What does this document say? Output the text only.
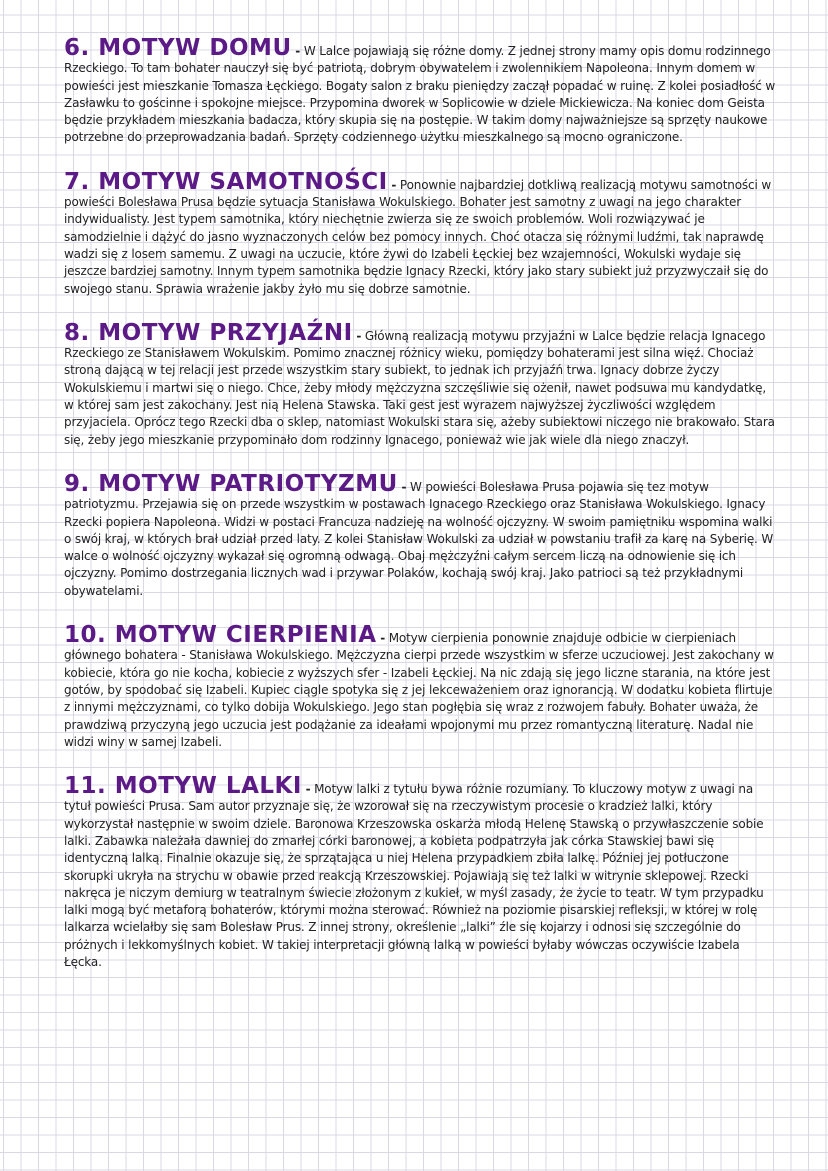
6. MOTYW DOMU - W Lalce pojawiają się różne domy. Z jednej strony mamy opis domu rodzinnego Rzeckiego. To tam bohater nauczył się być patriotą, dobrym obywatelem i zwolennikiem Napoleona. Innym domem w powieści jest mieszkanie Tomasza Łęckiego. Bogaty salon z braku pieniędzy zaczął popadać w ruinę. Z kolei posiadłość w Zasławku to gościnne i spokojne miejsce. Przypomina dworek w Soplicowie w dziele Mickiewicza. Na koniec dom Geista będzie przykładem mieszkania badacza, który skupia się na postępie. W takim domy najważniejsze są sprzęty naukowe potrzebne do przeprowadzania badań. Sprzęty codziennego użytku mieszkalnego są mocno ograniczone.

7. MOTYW SAMOTNOŚCI - Ponownie najbardziej dotkliwą realizacją motywu samotności w powieści Bolesława Prusa będzie sytuacja Stanisława Wokulskiego. Bohater jest samotny z uwagi na jego charakter indywidualisty. Jest typem samotnika, który niechętnie zwierza się ze swoich problemów. Woli rozwiązywać je samodzielnie i dążyć do jasno wyznaczonych celów bez pomocy innych. Choć otacza się różnymi ludźmi, tak naprawdę wadzi się z losem samemu. Z uwagi na uczucie, które żywi do Izabeli Łęckiej bez wzajemności, Wokulski wydaje się jeszcze bardziej samotny. Innym typem samotnika będzie Ignacy Rzecki, który jako stary subiekt już przyzwyczaił się do swojego stanu. Sprawia wrażenie jakby żyło mu się dobrze samotnie.

8. MOTYW PRZYJAŹNI - Główną realizacją motywu przyjaźni w Lalce będzie relacja Ignacego Rzeckiego ze Stanisławem Wokulskim. Pomimo znacznej różnicy wieku, pomiędzy bohaterami jest silna więź. Chociaż stroną dającą w tej relacji jest przede wszystkim stary subiekt, to jednak ich przyjaźń trwa. Ignacy dobrze życzy Wokulskiemu i martwi się o niego. Chce, żeby młody mężczyzna szczęśliwie się ożenił, nawet podsuwa mu kandydatkę, w której sam jest zakochany. Jest nią Helena Stawska. Taki gest jest wyrazem najwyższej życzliwości względem przyjaciela. Oprócz tego Rzecki dba o sklep, natomiast Wokulski stara się, ażeby subiektowi niczego nie brakowało. Stara się, żeby jego mieszkanie przypominało dom rodzinny Ignacego, ponieważ wie jak wiele dla niego znaczył.

9. MOTYW PATRIOTYZMU - W powieści Bolesława Prusa pojawia się tez motyw patriotyzmu. Przejawia się on przede wszystkim w postawach Ignacego Rzeckiego oraz Stanisława Wokulskiego. Ignacy Rzecki popiera Napoleona. Widzi w postaci Francuza nadzieję na wolność ojczyzny. W swoim pamiętniku wspomina walki o swój kraj, w których brał udział przed laty. Z kolei Stanisław Wokulski za udział w powstaniu trafił za karę na Syberię. W walce o wolność ojczyzny wykazał się ogromną odwagą. Obaj mężczyźni całym sercem liczą na odnowienie się ich ojczyzny. Pomimo dostrzegania licznych wad i przywar Polaków, kochają swój kraj. Jako patrioci są też przykładnymi obywatelami.

10. MOTYW CIERPIENIA - Motyw cierpienia ponownie znajduje odbicie w cierpieniach głównego bohatera - Stanisława Wokulskiego. Mężczyzna cierpi przede wszystkim w sferze uczuciowej. Jest zakochany w kobiecie, która go nie kocha, kobiecie z wyższych sfer - Izabeli Łęckiej. Na nic zdają się jego liczne starania, na które jest gotów, by spodobać się Izabeli. Kupiec ciągle spotyka się z jej lekceważeniem oraz ignorancją. W dodatku kobieta flirtuje z innymi mężczyznami, co tylko dobija Wokulskiego. Jego stan pogłębia się wraz z rozwojem fabuły. Bohater uważa, że prawdziwą przyczyną jego uczucia jest podążanie za ideałami wpojonymi mu przez romantyczną literaturę. Nadal nie widzi winy w samej Izabeli.

11. MOTYW LALKI - Motyw lalki z tytułu bywa różnie rozumiany. To kluczowy motyw z uwagi na tytuł powieści Prusa. Sam autor przyznaje się, że wzorował się na rzeczywistym procesie o kradzież lalki, który wykorzystał następnie w swoim dziele. Baronowa Krzeszowska oskarża młodą Helenę Stawską o przywłaszczenie sobie lalki. Zabawka należała dawniej do zmarłej córki baronowej, a kobieta podpatrzyła jak córka Stawskiej bawi się identyczną lalką. Finalnie okazuje się, że sprzątająca u niej Helena przypadkiem zbiła lalkę. Później jej potłuczone skorupki ukryła na strychu w obawie przed reakcją Krzeszowskiej. Pojawiają się też lalki w witrynie sklepowej. Rzecki nakręca je niczym demiurg w teatralnym świecie złożonym z kukieł, w myśl zasady, że życie to teatr. W tym przypadku lalki mogą być metaforą bohaterów, którymi można sterować. Również na poziomie pisarskiej refleksji, w której w rolę lalkarza wcielałby się sam Bolesław Prus. Z innej strony, określenie „lalki” źle się kojarzy i odnosi się szczególnie do próżnych i lekkomyślnych kobiet. W takiej interpretacji główną lalką w powieści byłaby wówczas oczywiście Izabela Łęcka.
